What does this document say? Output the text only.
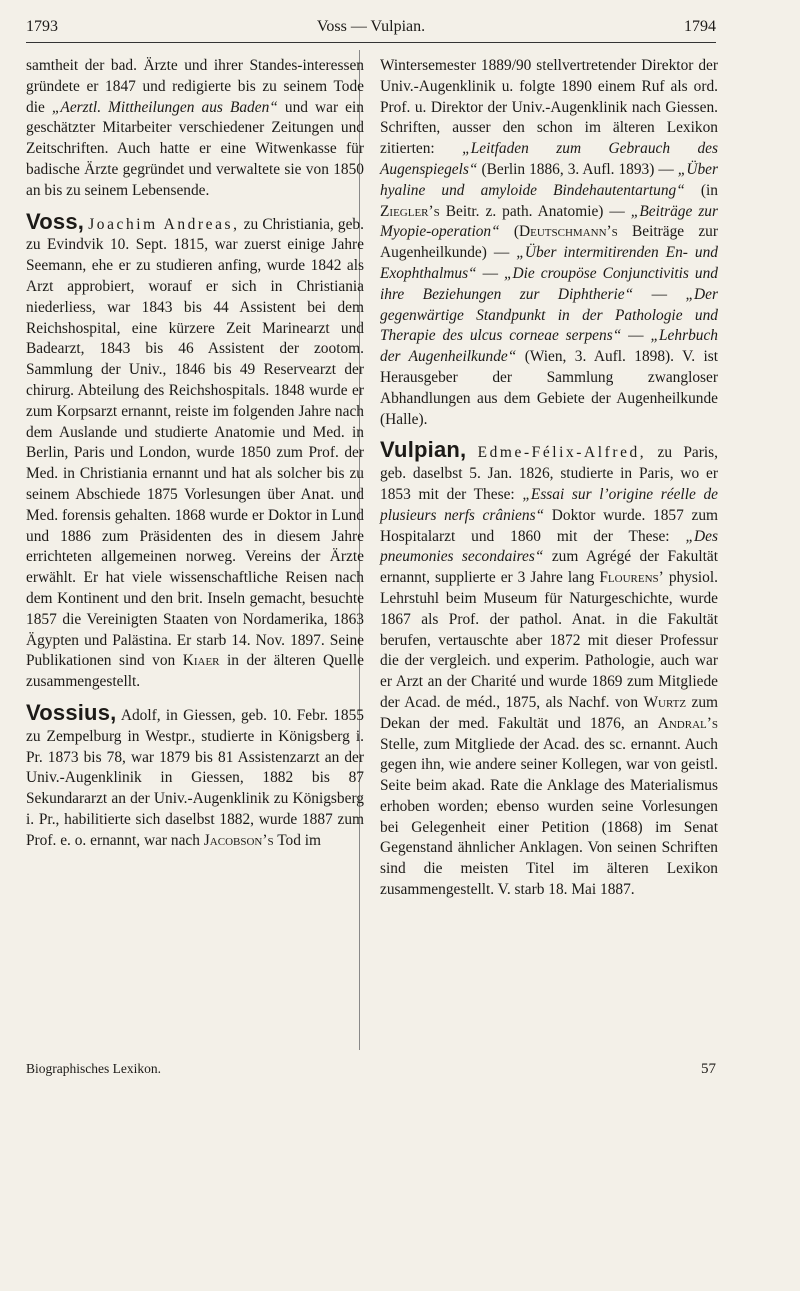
1793	Voss — Vulpian.	1794

samtheit der bad. Ärzte und ihrer Standes-interessen gründete er 1847 und redigierte bis zu seinem Tode die „Aerztl. Mittheilungen aus Baden“ und war ein geschätzter Mitarbeiter verschiedener Zeitungen und Zeitschriften. Auch hatte er eine Witwenkasse für badische Ärzte gegründet und verwaltete sie von 1850 an bis zu seinem Lebensende.

Voss, Joachim Andreas, zu Christiania, geb. zu Evindvik 10. Sept. 1815, war zuerst einige Jahre Seemann, ehe er zu studieren anfing, wurde 1842 als Arzt approbiert, worauf er sich in Christiania niederliess, war 1843 bis 44 Assistent bei dem Reichshospital, eine kürzere Zeit Marinearzt und Badearzt, 1843 bis 46 Assistent der zootom. Sammlung der Univ., 1846 bis 49 Reservearzt der chirurg. Abteilung des Reichshospitals. 1848 wurde er zum Korpsarzt ernannt, reiste im folgenden Jahre nach dem Auslande und studierte Anatomie und Med. in Berlin, Paris und London, wurde 1850 zum Prof. der Med. in Christiania ernannt und hat als solcher bis zu seinem Abschiede 1875 Vorlesungen über Anat. und Med. forensis gehalten. 1868 wurde er Doktor in Lund und 1886 zum Präsidenten des in diesem Jahre errichteten allgemeinen norweg. Vereins der Ärzte erwählt. Er hat viele wissenschaftliche Reisen nach dem Kontinent und den brit. Inseln gemacht, besuchte 1857 die Vereinigten Staaten von Nordamerika, 1863 Ägypten und Palästina. Er starb 14. Nov. 1897. Seine Publikationen sind von Kiaer in der älteren Quelle zusammengestellt.

Vossius, Adolf, in Giessen, geb. 10. Febr. 1855 zu Zempelburg in Westpr., studierte in Königsberg i. Pr. 1873 bis 78, war 1879 bis 81 Assistenzarzt an der Univ.-Augenklinik in Giessen, 1882 bis 87 Sekundararzt an der Univ.-Augenklinik zu Königsberg i. Pr., habilitierte sich daselbst 1882, wurde 1887 zum Prof. e. o. ernannt, war nach Jacobson’s Tod im

Wintersemester 1889/90 stellvertretender Direktor der Univ.-Augenklinik u. folgte 1890 einem Ruf als ord. Prof. u. Direktor der Univ.-Augenklinik nach Giessen. Schriften, ausser den schon im älteren Lexikon zitierten: „Leitfaden zum Gebrauch des Augenspiegels“ (Berlin 1886, 3. Aufl. 1893) — „Über hyaline und amyloide Bindehautentartung“ (in Ziegler’s Beitr. z. path. Anatomie) — „Beiträge zur Myopie-operation“ (Deutschmann’s Beiträge zur Augenheilkunde) — „Über intermitirenden En- und Exophthalmus“ — „Die croupöse Conjunctivitis und ihre Beziehungen zur Diphtherie“ — „Der gegenwärtige Standpunkt in der Pathologie und Therapie des ulcus corneae serpens“ — „Lehrbuch der Augenheilkunde“ (Wien, 3. Aufl. 1898). V. ist Herausgeber der Sammlung zwangloser Abhandlungen aus dem Gebiete der Augenheilkunde (Halle).

Vulpian, Edme-Félix-Alfred, zu Paris, geb. daselbst 5. Jan. 1826, studierte in Paris, wo er 1853 mit der These: „Essai sur l’origine réelle de plusieurs nerfs crâniens“ Doktor wurde. 1857 zum Hospitalarzt und 1860 mit der These: „Des pneumonies secondaires“ zum Agrégé der Fakultät ernannt, supplierte er 3 Jahre lang Flourens’ physiol. Lehrstuhl beim Museum für Naturgeschichte, wurde 1867 als Prof. der pathol. Anat. in die Fakultät berufen, vertauschte aber 1872 mit dieser Professur die der vergleich. und experim. Pathologie, auch war er Arzt an der Charité und wurde 1869 zum Mitgliede der Acad. de méd., 1875, als Nachf. von Wurtz zum Dekan der med. Fakultät und 1876, an Andral’s Stelle, zum Mitgliede der Acad. des sc. ernannt. Auch gegen ihn, wie andere seiner Kollegen, war von geistl. Seite beim akad. Rate die Anklage des Materialismus erhoben worden; ebenso wurden seine Vorlesungen bei Gelegenheit einer Petition (1868) im Senat Gegenstand ähnlicher Anklagen. Von seinen Schriften sind die meisten Titel im älteren Lexikon zusammengestellt. V. starb 18. Mai 1887.

Biographisches Lexikon.	57
